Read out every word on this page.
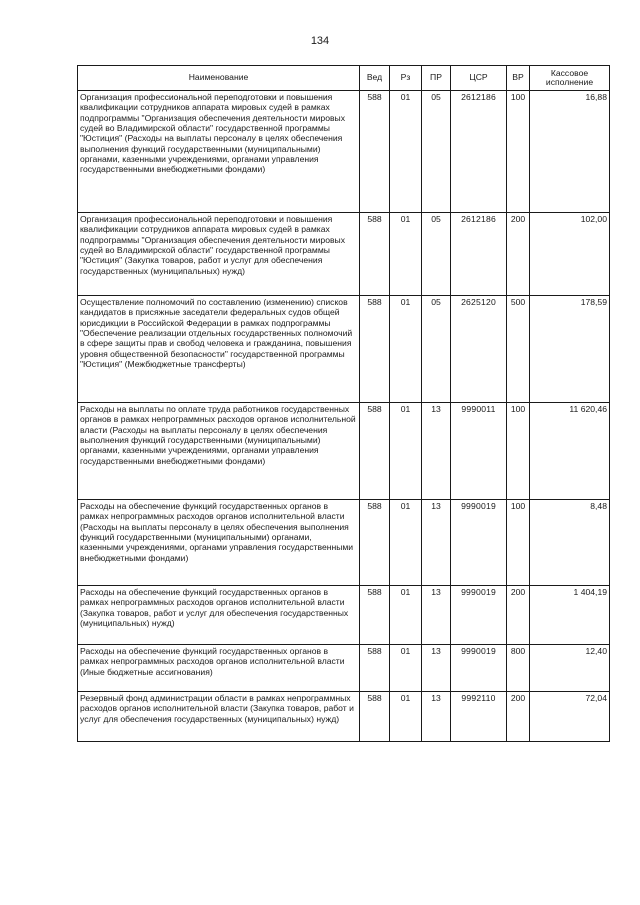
134
Наименование	Вед	Рз	ПР	ЦСР	ВР	Кассовое исполнение
Организация профессиональной переподготовки и повышения квалификации сотрудников аппарата мировых судей в рамках подпрограммы "Организация обеспечения деятельности мировых судей во Владимирской области" государственной программы "Юстиция" (Расходы на выплаты персоналу в целях обеспечения выполнения функций государственными (муниципальными) органами, казенными учреждениями, органами управления государственными внебюджетными фондами)	588	01	05	2612186	100	16,88
Организация профессиональной переподготовки и повышения квалификации сотрудников аппарата мировых судей в рамках подпрограммы "Организация обеспечения деятельности мировых судей во Владимирской области" государственной программы "Юстиция" (Закупка товаров, работ и услуг для обеспечения государственных (муниципальных) нужд)	588	01	05	2612186	200	102,00
Осуществление полномочий по составлению (изменению) списков кандидатов в присяжные заседатели федеральных судов общей юрисдикции в Российской Федерации в рамках подпрограммы "Обеспечение реализации отдельных государственных полномочий в сфере защиты прав и свобод человека и гражданина, повышения уровня общественной безопасности" государственной программы "Юстиция" (Межбюджетные трансферты)	588	01	05	2625120	500	178,59
Расходы на выплаты по оплате труда работников государственных органов в рамках непрограммных расходов органов исполнительной власти (Расходы на выплаты персоналу в целях обеспечения выполнения функций государственными (муниципальными) органами, казенными учреждениями, органами управления государственными внебюджетными фондами)	588	01	13	9990011	100	11 620,46
Расходы на обеспечение функций государственных органов в рамках непрограммных расходов органов исполнительной власти (Расходы на выплаты персоналу в целях обеспечения выполнения функций государственными (муниципальными) органами, казенными учреждениями, органами управления государственными внебюджетными фондами)	588	01	13	9990019	100	8,48
Расходы на обеспечение функций государственных органов в рамках непрограммных расходов органов исполнительной власти (Закупка товаров, работ и услуг для обеспечения государственных (муниципальных) нужд)	588	01	13	9990019	200	1 404,19
Расходы на обеспечение функций государственных органов в рамках непрограммных расходов органов исполнительной власти (Иные бюджетные ассигнования)	588	01	13	9990019	800	12,40
Резервный фонд администрации области в рамках непрограммных расходов органов исполнительной власти (Закупка товаров, работ и услуг для обеспечения государственных (муниципальных) нужд)	588	01	13	9992110	200	72,04
